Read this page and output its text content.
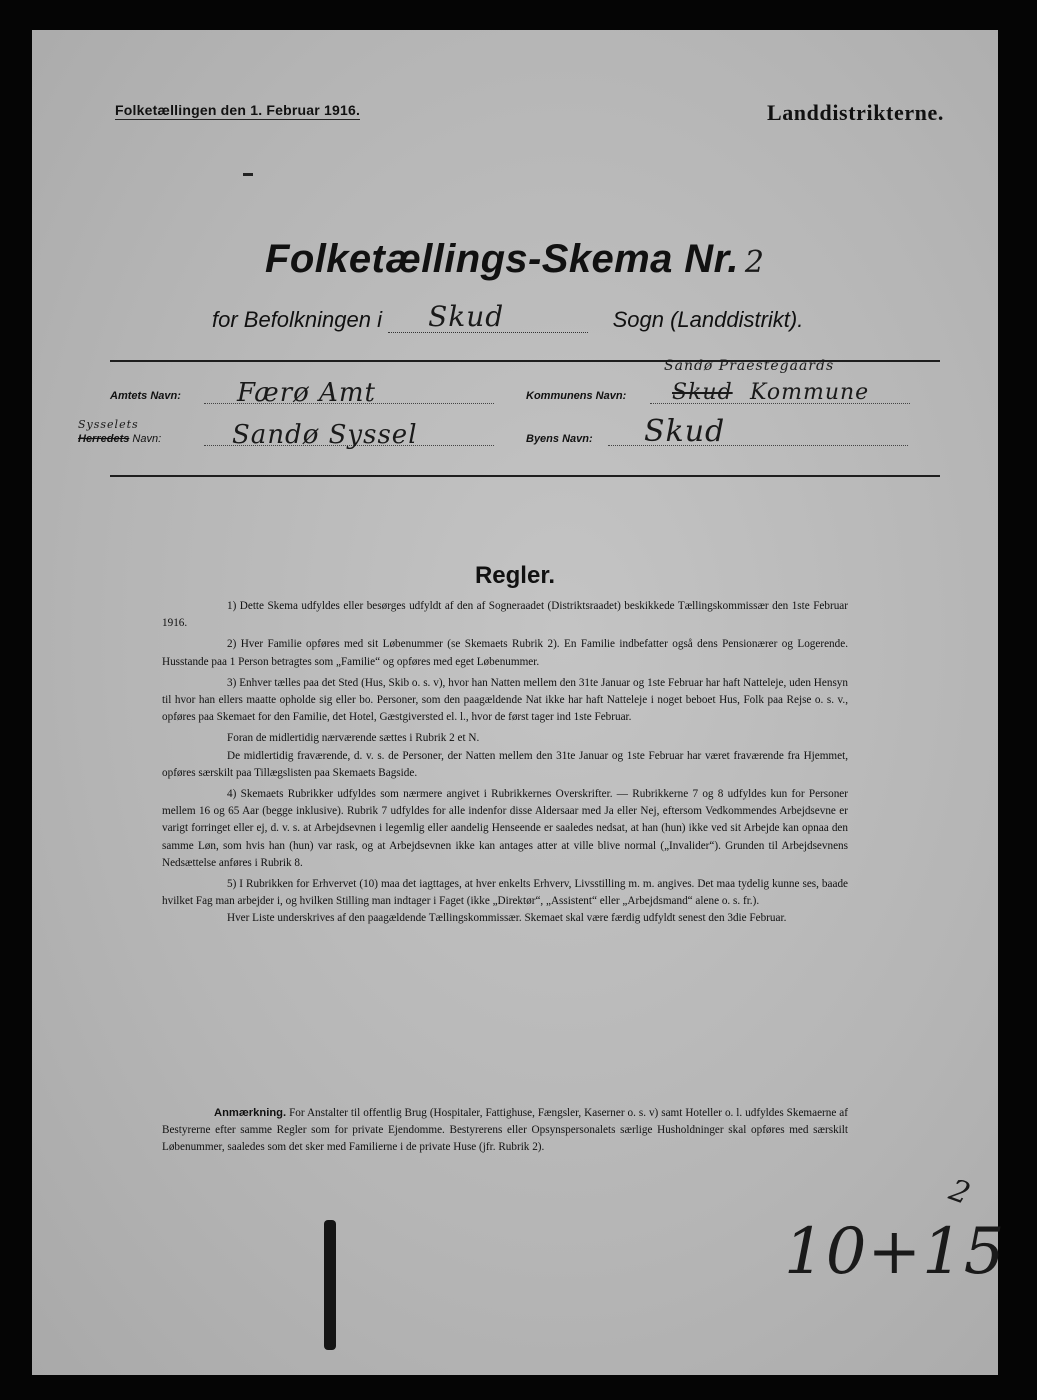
Folketællingen den 1. Februar 1916.	Landdistrikterne.
Folketællings-Skema Nr. 2
for Befolkningen i Skud	Sogn (Landdistrikt).
Amtets Navn: Færø Amt	Kommunens Navn:
Sandø Praestegaards
Skud Kommune
Sysselets
Herredets Navn:	Sandø Syssel	Byens Navn: Skud
Regler.

1) Dette Skema udfyldes eller besørges udfyldt af den af Sognerаadet (Distriktsraadet) beskikkede Tællingskommissær den 1ste Februar 1916.

2) Hver Familie opføres med sit Løbenummer (se Skemaets Rubrik 2). En Familie indbefatter også dens Pensionærer og Logerende. Husstande paa 1 Person betragtes som „Familie“ og opføres med eget Løbenummer.

3) Enhver tælles paa det Sted (Hus, Skib o. s. v), hvor han Natten mellem den 31te Januar og 1ste Februar har haft Natteleje, uden Hensyn til hvor han ellers maatte opholde sig eller bo. Personer, som den paagældende Nat ikke har haft Natteleje i noget beboet Hus, Folk paa Rejse o. s. v., opføres paa Skemaet for den Familie, det Hotel, Gæstgiversted el. l., hvor de først tager ind 1ste Februar.

Foran de midlertidig nærværende sættes i Rubrik 2 et N.

De midlertidig fraværende, d. v. s. de Personer, der Natten mellem den 31te Januar og 1ste Februar har været fraværende fra Hjemmet, opføres særskilt paa Tillægslisten paa Skemaets Bagside.

4) Skemaets Rubrikker udfyldes som nærmere angivet i Rubrikkernes Overskrifter. — Rubrikkerne 7 og 8 udfyldes kun for Personer mellem 16 og 65 Aar (begge inklusive). Rubrik 7 udfyldes for alle indenfor disse Aldersaar med Ja eller Nej, eftersom Vedkommendes Arbejdsevne er varigt forringet eller ej, d. v. s. at Arbejdsevnen i legemlig eller aandelig Henseende er saaledes nedsat, at han (hun) ikke ved sit Arbejde kan opnaa den samme Løn, som hvis han (hun) var rask, og at Arbejdsevnen ikke kan antages atter at ville blive normal („Invalider“). Grunden til Arbejdsevnens Nedsættelse anføres i Rubrik 8.

5) I Rubrikken for Erhvervet (10) maa det iagttages, at hver enkelts Erhverv, Livsstilling m. m. angives. Det maa tydelig kunne ses, baade hvilket Fag man arbejder i, og hvilken Stilling man indtager i Faget (ikke „Direktør“, „Assistent“ eller „Arbejdsmand“ alene o. s. fr.).

Hver Liste underskrives af den paagældende Tællingskommissær. Skemaet skal være færdig udfyldt senest den 3die Februar.

Anmærkning. For Anstalter til offentlig Brug (Hospitaler, Fattighuse, Fængsler, Kaserner o. s. v) samt Hoteller o. l. udfyldes Skemaerne af Bestyrerne efter samme Regler som for private Ejendomme. Bestyrerens eller Opsynspersonalets særlige Husholdninger skal opføres med særskilt Løbenummer, saaledes som det sker med Familierne i de private Huse (jfr. Rubrik 2).

10+15
2
